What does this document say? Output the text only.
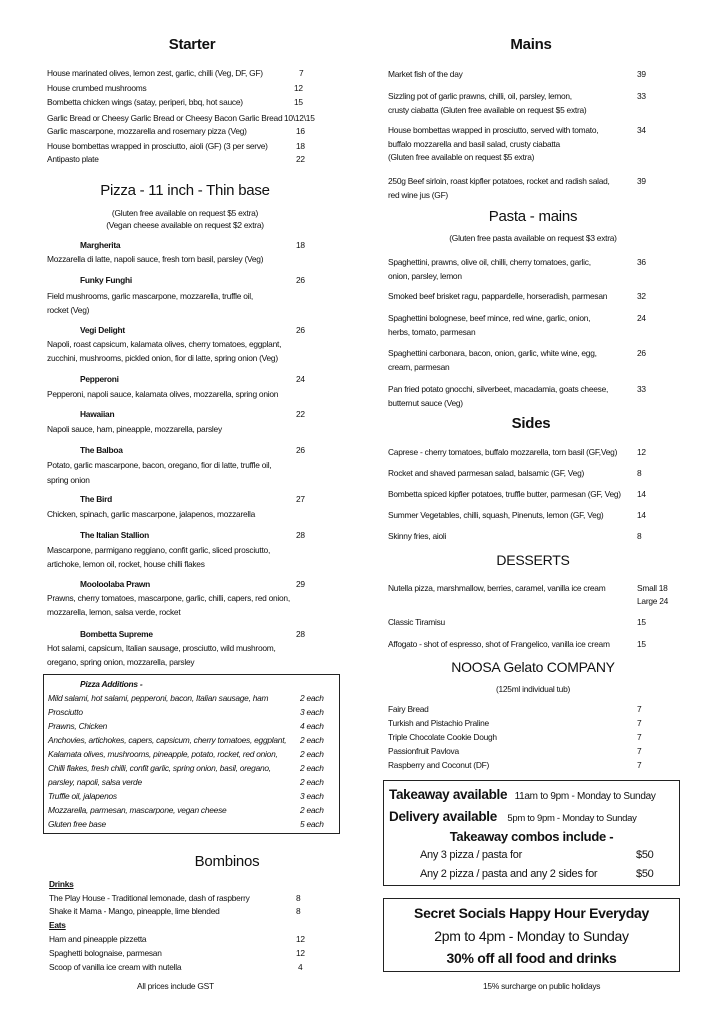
Starter
House marinated olives, lemon zest, garlic, chilli (Veg, DF, GF)	7
House crumbed mushrooms	12
Bombetta chicken wings (satay, periperi, bbq, hot sauce)	15
Garlic Bread or Cheesy Garlic Bread or Cheesy Bacon Garlic Bread 10\12\15
Garlic mascarpone, mozzarella and rosemary pizza (Veg)	16
House bombettas wrapped in prosciutto, aioli (GF) (3 per serve)	18
Antipasto plate	22
Pizza - 11 inch - Thin base
(Gluten free available on request $5 extra)
(Vegan cheese available on request $2 extra)
Margherita	18
Mozzarella di latte, napoli sauce, fresh torn basil, parsley (Veg)
Funky Funghi	26
Field mushrooms, garlic mascarpone, mozzarella, truffle oil,
rocket (Veg)
Vegi Delight	26
Napoli, roast capsicum, kalamata olives, cherry tomatoes, eggplant,
zucchini, mushrooms, pickled onion, fior di latte, spring onion (Veg)
Pepperoni	24
Pepperoni, napoli sauce, kalamata olives, mozzarella, spring onion
Hawaiian	22
Napoli sauce, ham, pineapple, mozzarella, parsley
The Balboa	26
Potato, garlic mascarpone, bacon, oregano, fior di latte, truffle oil,
spring onion
The Bird	27
Chicken, spinach, garlic mascarpone, jalapenos, mozzarella
The Italian Stallion	28
Mascarpone, parmigano reggiano, confit garlic, sliced prosciutto,
artichoke, lemon oil, rocket, house chilli flakes
Mooloolaba Prawn	29
Prawns, cherry tomatoes, mascarpone, garlic, chilli, capers, red onion,
mozzarella, lemon, salsa verde, rocket
Bombetta Supreme	28
Hot salami, capsicum, Italian sausage, prosciutto, wild mushroom,
oregano, spring onion, mozzarella, parsley
Pizza Additions -
Mild salami, hot salami, pepperoni, bacon, Italian sausage, ham	2 each
Prosciutto	3 each
Prawns, Chicken	4 each
Anchovies, artichokes, capers, capsicum, cherry tomatoes, eggplant, 2 each
Kalamata olives, mushrooms, pineapple, potato, rocket, red onion,	2 each
Chilli flakes, fresh chilli, confit garlic, spring onion, basil, oregano,	2 each
parsley, napoli, salsa verde	2 each
Truffle oil, jalapenos	3 each
Mozzarella, parmesan, mascarpone, vegan cheese	2 each
Gluten free base	5 each
Bombinos
Drinks
The Play House - Traditional lemonade, dash of raspberry	8
Shake it Mama - Mango, pineapple, lime blended	8
Eats
Ham and pineapple pizzetta	12
Spaghetti bolognaise, parmesan	12
Scoop of vanilla ice cream with nutella	4
All prices include GST
Mains
Market fish of the day	39
Sizzling pot of garlic prawns, chilli, oil, parsley, lemon,
crusty ciabatta (Gluten free available on request $5 extra)
33
House bombettas wrapped in prosciutto, served with tomato,
buffalo mozzarella and basil salad, crusty ciabatta
(Gluten free available on request $5 extra)
34
250g Beef sirloin, roast kipfler potatoes, rocket and radish salad,
red wine jus (GF)
39
Pasta - mains
(Gluten free pasta available on request $3 extra)
Spaghettini, prawns, olive oil, chilli, cherry tomatoes, garlic,
onion, parsley, lemon
36
Smoked beef brisket ragu, pappardelle, horseradish, parmesan	32
Spaghettini bolognese, beef mince, red wine, garlic, onion,
herbs, tomato, parmesan
24
Spaghettini carbonara, bacon, onion, garlic, white wine, egg,
cream, parmesan
26
Pan fried potato gnocchi, silverbeet, macadamia, goats cheese,
butternut sauce (Veg)
33
Sides
Caprese - cherry tomatoes, buffalo mozzarella, torn basil (GF,Veg) 12
Rocket and shaved parmesan salad, balsamic (GF, Veg)	8
Bombetta spiced kipfler potatoes, truffle butter, parmesan (GF, Veg) 14
Summer Vegetables, chilli, squash, Pinenuts, lemon (GF, Veg)	14
Skinny fries, aioli	8
DESSERTS
Nutella pizza, marshmallow, berries, caramel, vanilla ice cream	Small 18
Large 24
Classic Tiramisu	15
Affogato - shot of espresso, shot of Frangelico, vanilla ice cream	15
NOOSA Gelato COMPANY
(125ml individual tub)
Fairy Bread	7
Turkish and Pistachio Praline	7
Triple Chocolate Cookie Dough	7
Passionfruit Pavlova	7
Raspberry and Coconut (DF)	7
15% surcharge on public holidays
Takeaway available 11am to 9pm - Monday to Sunday
Delivery available 5pm to 9pm - Monday to Sunday
Takeaway combos include -
Any 3 pizza / pasta for	$50
Any 2 pizza / pasta and any 2 sides for	$50
Secret Socials Happy Hour Everyday
2pm to 4pm - Monday to Sunday
30% off all food and drinks
